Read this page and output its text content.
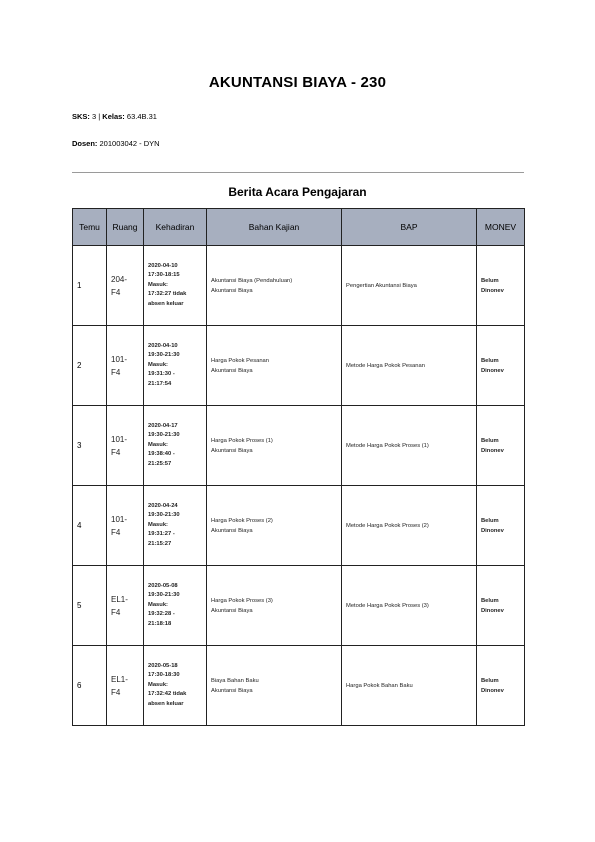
AKUNTANSI BIAYA - 230
SKS: 3 | Kelas: 63.4B.31
Dosen: 201003042 - DYN
Berita Acara Pengajaran
Temu	Ruang	Kehadiran	Bahan Kajian	BAP	MONEV
1	204-
F4	2020-04-10
17:30-18:15
Masuk:
17:32:27 tidak
absen keluar	Akuntansi Biaya (Pendahuluan)
Akuntansi Biaya	Pengertian Akuntansi Biaya	Belum
Dinonev

2	101-
F4	2020-04-10
19:30-21:30
Masuk:
19:31:30 -
21:17:54	Harga Pokok Pesanan
Akuntansi Biaya	Metode Harga Pokok Pesanan	Belum
Dinonev

3	101-
F4	2020-04-17
19:30-21:30
Masuk:
19:38:40 -
21:25:57	Harga Pokok Proses (1)
Akuntansi Biaya	Metode Harga Pokok Proses (1)	Belum
Dinonev

4	101-
F4	2020-04-24
19:30-21:30
Masuk:
19:31:27 -
21:15:27	Harga Pokok Proses (2)
Akuntansi Biaya	Metode Harga Pokok Proses (2)	Belum
Dinonev

5	EL1-
F4	2020-05-08
19:30-21:30
Masuk:
19:32:28 -
21:18:18	Harga Pokok Proses (3)
Akuntansi Biaya	Metode Harga Pokok Proses (3)	Belum
Dinonev

6	EL1-
F4	2020-05-18
17:30-18:30
Masuk:
17:32:42 tidak
absen keluar	Biaya Bahan Baku
Akuntansi Biaya	Harga Pokok Bahan Baku	Belum
Dinonev
